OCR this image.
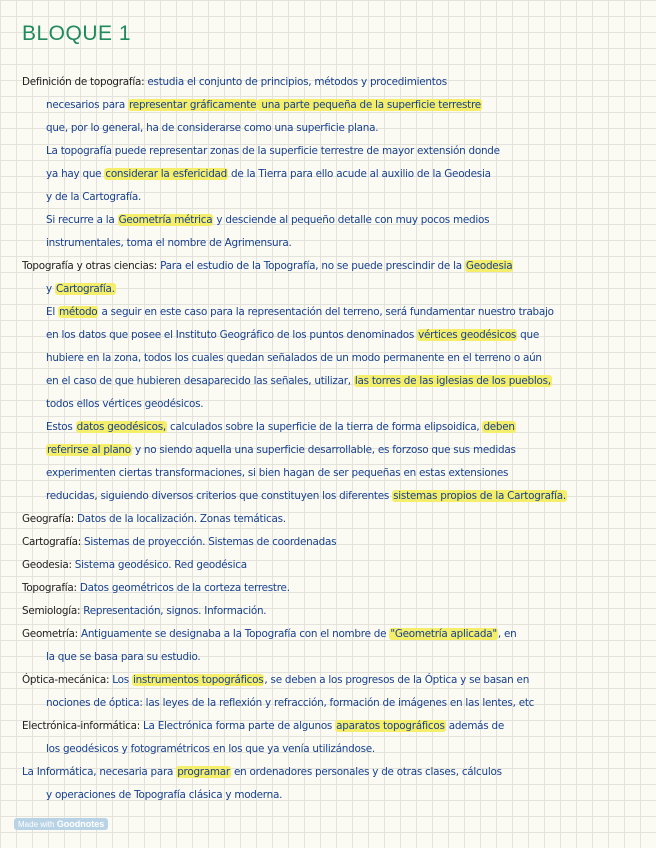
BLOQUE 1
Definición de topografía: estudia el conjunto de principios, métodos y procedimientos
necesarios para representar gráficamente una parte pequeña de la superficie terrestre
que, por lo general, ha de considerarse como una superficie plana.
La topografía puede representar zonas de la superficie terrestre de mayor extensión donde
ya hay que considerar la esfericidad de la Tierra para ello acude al auxilio de la Geodesia
y de la Cartografía.
Si recurre a la Geometría métrica y desciende al pequeño detalle con muy pocos medios
instrumentales, toma el nombre de Agrimensura.
Topografía y otras ciencias: Para el estudio de la Topografía, no se puede prescindir de la Geodesia
y Cartografía.
El método a seguir en este caso para la representación del terreno, será fundamentar nuestro trabajo
en los datos que posee el Instituto Geográfico de los puntos denominados vértices geodésicos que
hubiere en la zona, todos los cuales quedan señalados de un modo permanente en el terreno o aún
en el caso de que hubieren desaparecido las señales, utilizar, las torres de las iglesias de los pueblos,
todos ellos vértices geodésicos.
Estos datos geodésicos, calculados sobre la superficie de la tierra de forma elipsoidica, deben
referirse al plano y no siendo aquella una superficie desarrollable, es forzoso que sus medidas
experimenten ciertas transformaciones, si bien hagan de ser pequeñas en estas extensiones
reducidas, siguiendo diversos criterios que constituyen los diferentes sistemas propios de la Cartografía.
Geografía: Datos de la localización. Zonas temáticas.
Cartografía: Sistemas de proyección. Sistemas de coordenadas
Geodesia: Sistema geodésico. Red geodésica
Topografía: Datos geométricos de la corteza terrestre.
Semiología: Representación, signos. Información.
Geometría: Antiguamente se designaba a la Topografía con el nombre de "Geometría aplicada", en
la que se basa para su estudio.
Óptica-mecánica: Los instrumentos topográficos, se deben a los progresos de la Óptica y se basan en
nociones de óptica: las leyes de la reflexión y refracción, formación de imágenes en las lentes, etc
Electrónica-informática: La Electrónica forma parte de algunos aparatos topográficos además de
los geodésicos y fotogramétricos en los que ya venía utilizándose.
La Informática, necesaria para programar en ordenadores personales y de otras clases, cálculos
y operaciones de Topografía clásica y moderna.
Made with Goodnotes
